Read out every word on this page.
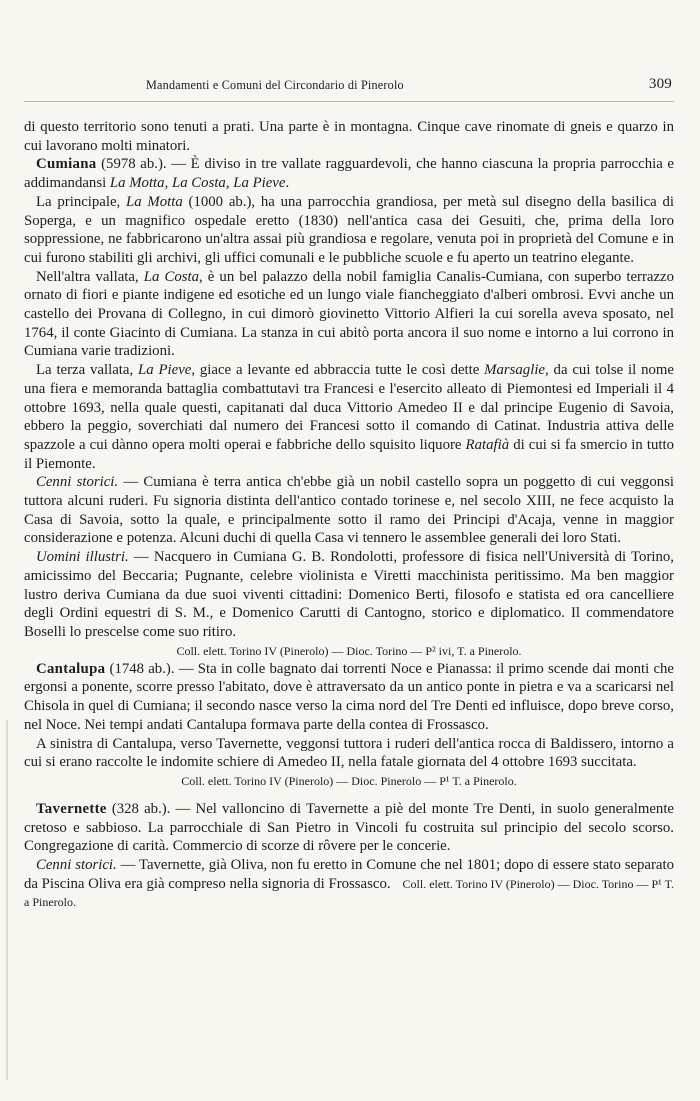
Mandamenti e Comuni del Circondario di Pinerolo	309

di questo territorio sono tenuti a prati. Una parte è in montagna. Cinque cave rinomate di gneis e quarzo in cui lavorano molti minatori.

Cumiana (5978 ab.). — È diviso in tre vallate ragguardevoli, che hanno ciascuna la propria parrocchia e addimandansi La Motta, La Costa, La Pieve.

La principale, La Motta (1000 ab.), ha una parrocchia grandiosa, per metà sul disegno della basilica di Soperga, e un magnifico ospedale eretto (1830) nell'antica casa dei Gesuiti, che, prima della loro soppressione, ne fabbricarono un'altra assai più grandiosa e regolare, venuta poi in proprietà del Comune e in cui furono stabiliti gli archivi, gli uffici comunali e le pubbliche scuole e fu aperto un teatrino elegante.

Nell'altra vallata, La Costa, è un bel palazzo della nobil famiglia Canalis-Cumiana, con superbo terrazzo ornato di fiori e piante indigene ed esotiche ed un lungo viale fiancheggiato d'alberi ombrosi. Evvi anche un castello dei Provana di Collegno, in cui dimorò giovinetto Vittorio Alfieri la cui sorella aveva sposato, nel 1764, il conte Giacinto di Cumiana. La stanza in cui abitò porta ancora il suo nome e intorno a lui corrono in Cumiana varie tradizioni.

La terza vallata, La Pieve, giace a levante ed abbraccia tutte le così dette Marsaglie, da cui tolse il nome una fiera e memoranda battaglia combattutavi tra Francesi e l'esercito alleato di Piemontesi ed Imperiali il 4 ottobre 1693, nella quale questi, capitanati dal duca Vittorio Amedeo II e dal principe Eugenio di Savoia, ebbero la peggio, soverchiati dal numero dei Francesi sotto il comando di Catinat. Industria attiva delle spazzole a cui dànno opera molti operai e fabbriche dello squisito liquore Ratafià di cui si fa smercio in tutto il Piemonte.

Cenni storici. — Cumiana è terra antica ch'ebbe già un nobil castello sopra un poggetto di cui veggonsi tuttora alcuni ruderi. Fu signoria distinta dell'antico contado torinese e, nel secolo XIII, ne fece acquisto la Casa di Savoia, sotto la quale, e principalmente sotto il ramo dei Principi d'Acaja, venne in maggior considerazione e potenza. Alcuni duchi di quella Casa vi tennero le assemblee generali dei loro Stati.

Uomini illustri. — Nacquero in Cumiana G. B. Rondolotti, professore di fisica nell'Università di Torino, amicissimo del Beccaria; Pugnante, celebre violinista e Viretti macchinista peritissimo. Ma ben maggior lustro deriva Cumiana da due suoi viventi cittadini: Domenico Berti, filosofo e statista ed ora cancelliere degli Ordini equestri di S. M., e Domenico Carutti di Cantogno, storico e diplomatico. Il commendatore Boselli lo prescelse come suo ritiro.

Coll. elett. Torino IV (Pinerolo) — Dioc. Torino — P² ivi, T. a Pinerolo.

Cantalupa (1748 ab.). — Sta in colle bagnato dai torrenti Noce e Pianassa: il primo scende dai monti che ergonsi a ponente, scorre presso l'abitato, dove è attraversato da un antico ponte in pietra e va a scaricarsi nel Chisola in quel di Cumiana; il secondo nasce verso la cima nord del Tre Denti ed influisce, dopo breve corso, nel Noce. Nei tempi andati Cantalupa formava parte della contea di Frossasco.

A sinistra di Cantalupa, verso Tavernette, veggonsi tuttora i ruderi dell'antica rocca di Baldissero, intorno a cui si erano raccolte le indomite schiere di Amedeo II, nella fatale giornata del 4 ottobre 1693 succitata.

Coll. elett. Torino IV (Pinerolo) — Dioc. Pinerolo — P¹ T. a Pinerolo.

Tavernette (328 ab.). — Nel valloncino di Tavernette a piè del monte Tre Denti, in suolo generalmente cretoso e sabbioso. La parrocchiale di San Pietro in Vincoli fu costruita sul principio del secolo scorso. Congregazione di carità. Commercio di scorze di rôvere per le concerie.

Cenni storici. — Tavernette, già Oliva, non fu eretto in Comune che nel 1801; dopo di essere stato separato da Piscina Oliva era già compreso nella signoria di Frossasco. Coll. elett. Torino IV (Pinerolo) — Dioc. Torino — P¹ T. a Pinerolo.
